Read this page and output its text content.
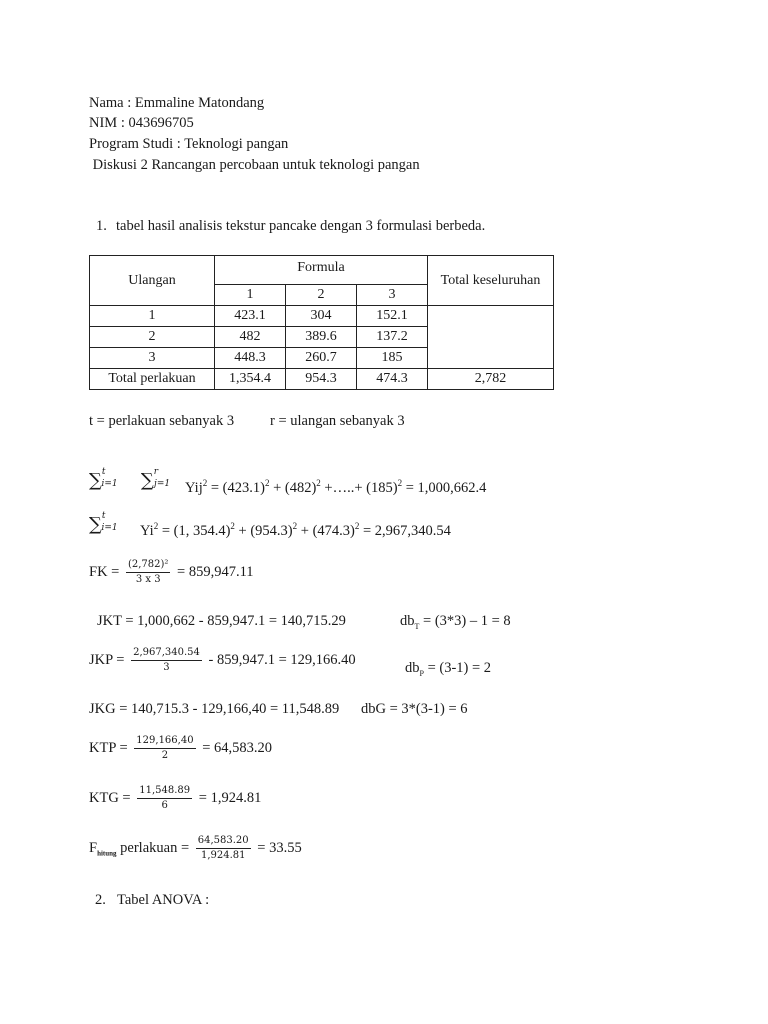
Nama : Emmaline Matondang
NIM : 043696705
Program Studi : Teknologi pangan
Diskusi 2 Rancangan percobaan untuk teknologi pangan
1. tabel hasil analisis tekstur pancake dengan 3 formulasi berbeda.
Ulangan	Formula			Total keseluruhan
	1	2	3	
1	423.1	304	152.1	
2	482	389.6	137.2	
3	448.3	260.7	185	
Total perlakuan	1,354.4	954.3	474.3	2,782
t = perlakuan sebanyak 3 r = ulangan sebanyak 3
∑$^t$i=1 ∑$^r$j=1 $Yij^2 = (423.1)^2 + (482)^2$ +…..+ $(185)^2 = 1,000,662.4$
∑$^t$i=1 $Yi^2 = (1$, $354.4)^2 + (954.3)^2 + (474.3)^2 = 2,967,340.54$
FK = $\frac{\text{(2,782)²}}{3 x 3} = 859,947.11$
JKT = 1,000,662 - 859,947.1 = 140,715.29	$db_T = (3*3) - 1 = 8$
JKP = $\frac{2,967,340.54}{3} - 859,947.1 = 129,166.40$
$db_P = (3-1) = 2$
JKG = 140,715.3 - 129,166,40 = 11,548.89 dbG = 3*(3-1) = 6
KTP = $\frac{129,166,40}{2} = 64,583.20$
KTG = $\frac{11,548.89}{6} = 1,924.81$
$F_{hitung}$ perlakuan = $\frac{64,583.20}{1,924.81} = 33.55$
2. Tabel ANOVA :
